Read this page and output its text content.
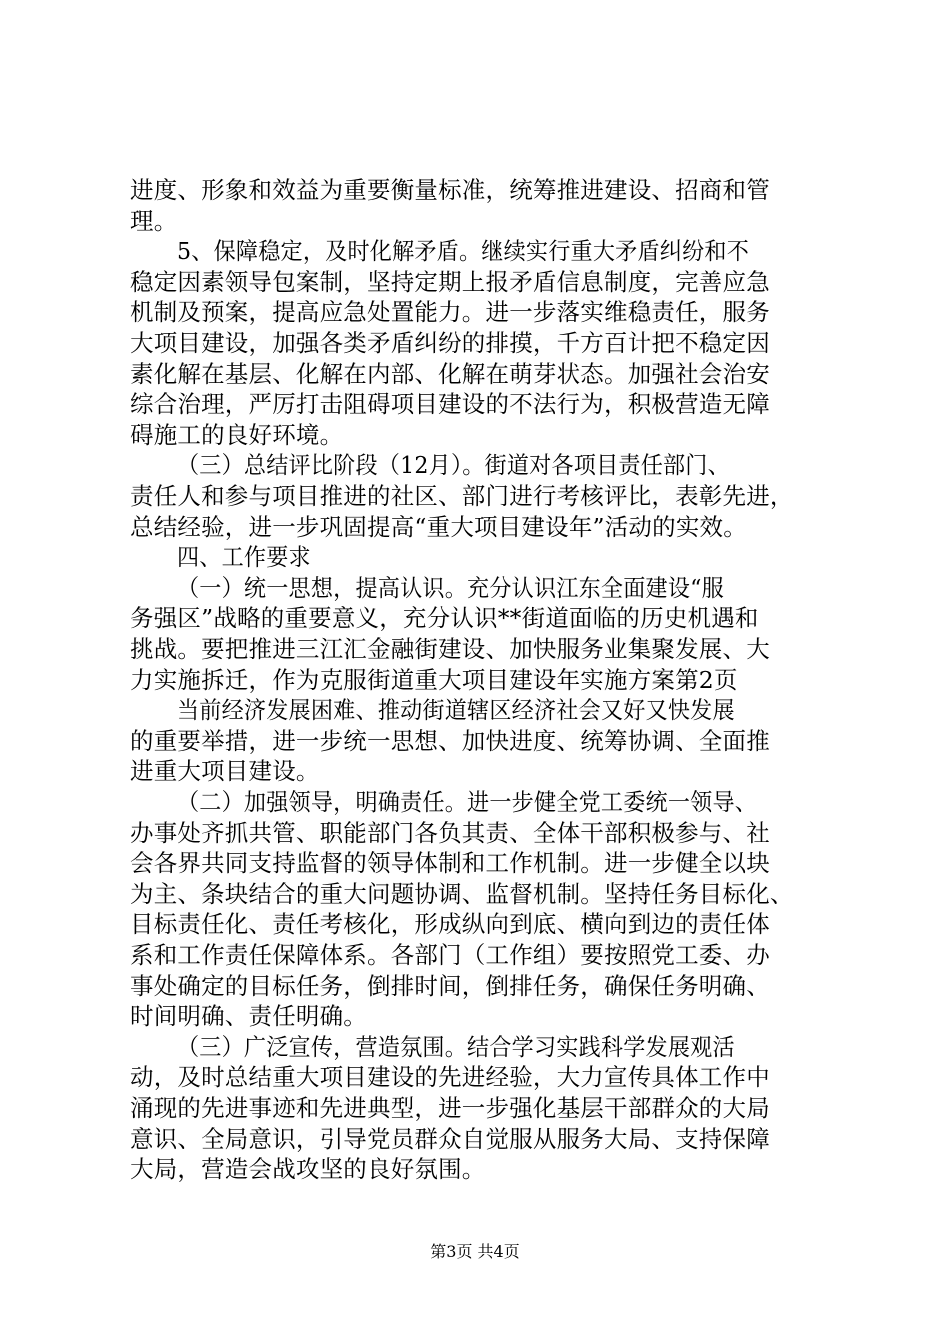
进度、形象和效益为重要衡量标准，统筹推进建设、招商和管
理。
5、保障稳定，及时化解矛盾。继续实行重大矛盾纠纷和不
稳定因素领导包案制，坚持定期上报矛盾信息制度，完善应急
机制及预案，提高应急处置能力。进一步落实维稳责任，服务
大项目建设，加强各类矛盾纠纷的排摸，千方百计把不稳定因
素化解在基层、化解在内部、化解在萌芽状态。加强社会治安
综合治理，严厉打击阻碍项目建设的不法行为，积极营造无障
碍施工的良好环境。
（三）总结评比阶段（12月）。街道对各项目责任部门、
责任人和参与项目推进的社区、部门进行考核评比，表彰先进，
总结经验，进一步巩固提高“重大项目建设年”活动的实效。
四、工作要求
（一）统一思想，提高认识。充分认识江东全面建设“服
务强区”战略的重要意义，充分认识**街道面临的历史机遇和
挑战。要把推进三江汇金融街建设、加快服务业集聚发展、大
力实施拆迁，作为克服街道重大项目建设年实施方案第2页
当前经济发展困难、推动街道辖区经济社会又好又快发展
的重要举措，进一步统一思想、加快进度、统筹协调、全面推
进重大项目建设。
（二）加强领导，明确责任。进一步健全党工委统一领导、
办事处齐抓共管、职能部门各负其责、全体干部积极参与、社
会各界共同支持监督的领导体制和工作机制。进一步健全以块
为主、条块结合的重大问题协调、监督机制。坚持任务目标化、
目标责任化、责任考核化，形成纵向到底、横向到边的责任体
系和工作责任保障体系。各部门（工作组）要按照党工委、办
事处确定的目标任务，倒排时间，倒排任务，确保任务明确、
时间明确、责任明确。
（三）广泛宣传，营造氛围。结合学习实践科学发展观活
动，及时总结重大项目建设的先进经验，大力宣传具体工作中
涌现的先进事迹和先进典型，进一步强化基层干部群众的大局
意识、全局意识，引导党员群众自觉服从服务大局、支持保障
大局，营造会战攻坚的良好氛围。
第3页 共4页
